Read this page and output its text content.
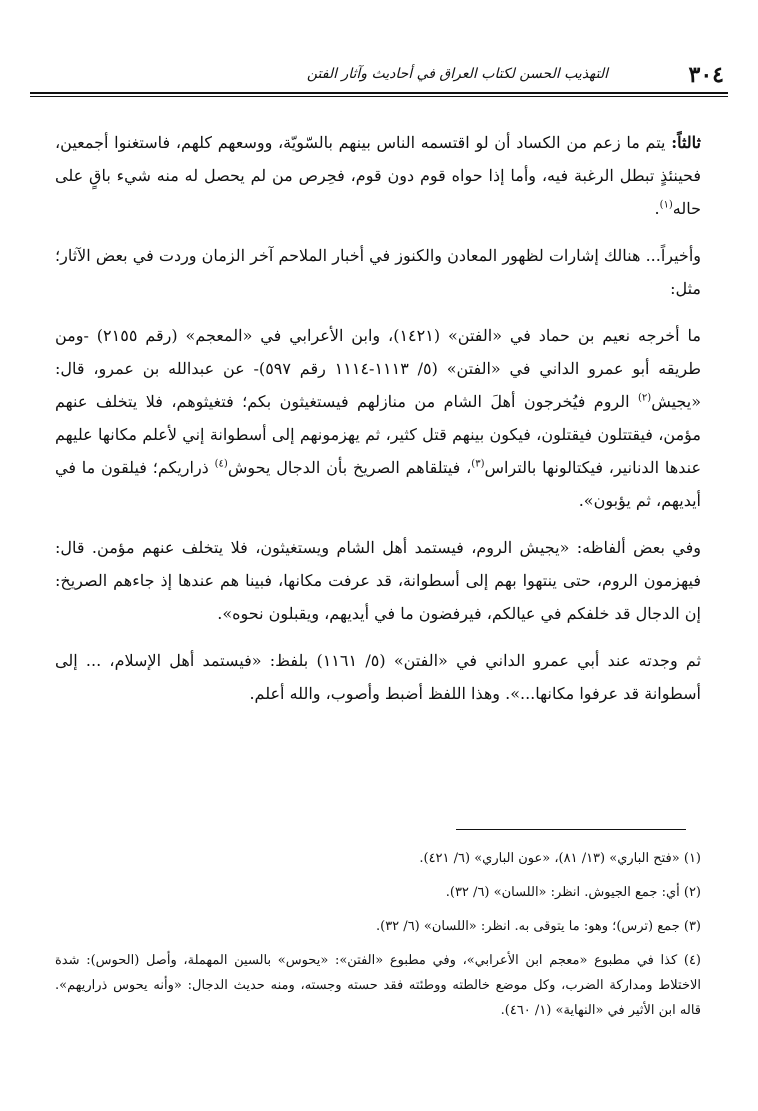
٣٠٤
التهذيب الحسن لكتاب العراق في أحاديث وآثار الفتن

ثالثاً: يتم ما زعم من الكساد أن لو اقتسمه الناس بينهم بالسّويّة، ووسعهم كلهم، فاستغنوا أجمعين، فحينئذٍ تبطل الرغبة فيه، وأما إذا حواه قوم دون قوم، فحِرص من لم يحصل له منه شيء باقٍ على حاله$^{(١)}$.

وأخيراً... هنالك إشارات لظهور المعادن والكنوز في أخبار الملاحم آخر الزمان وردت في بعض الآثار؛ مثل:

ما أخرجه نعيم بن حماد في «الفتن» (١٤٢١)، وابن الأعرابي في «المعجم» (رقم ٢١٥٥) -ومن طريقه أبو عمرو الداني في «الفتن» (٥/ ١١١٣-١١١٤ رقم ٥٩٧)- عن عبدالله بن عمرو، قال: «يجيش$^{(٢)}$ الروم فيُخرجون أهلَ الشام من منازلهم فيستغيثون بكم؛ فتغيثوهم، فلا يتخلف عنهم مؤمن، فيقتتلون فيقتلون، فيكون بينهم قتل كثير، ثم يهزمونهم إلى أسطوانة إني لأعلم مكانها عليهم عندها الدنانير، فيكتالونها بالتراس$^{(٣)}$، فيتلقاهم الصريخ بأن الدجال يحوش$^{(٤)}$ ذراريكم؛ فيلقون ما في أيديهم، ثم يؤبون».

وفي بعض ألفاظه: «يجيش الروم، فيستمد أهل الشام ويستغيثون، فلا يتخلف عنهم مؤمن. قال: فيهزمون الروم، حتى ينتهوا بهم إلى أسطوانة، قد عرفت مكانها، فبينا هم عندها إذ جاءهم الصريخ: إن الدجال قد خلفكم في عيالكم، فيرفضون ما في أيديهم، ويقبلون نحوه».

ثم وجدته عند أبي عمرو الداني في «الفتن» (٥/ ١١٦١) بلفظ: «فيستمد أهل الإسلام، ... إلى أسطوانة قد عرفوا مكانها...». وهذا اللفظ أضبط وأصوب، والله أعلم.

(١) «فتح الباري» (١٣/ ٨١)، «عون الباري» (٦/ ٤٢١).

(٢) أي: جمع الجيوش. انظر: «اللسان» (٦/ ٣٢).

(٣) جمع (ترس)؛ وهو: ما يتوقى به. انظر: «اللسان» (٦/ ٣٢).

(٤) كذا في مطبوع «معجم ابن الأعرابي»، وفي مطبوع «الفتن»: «يحوس» بالسين المهملة، وأصل (الحوس): شدة الاختلاط ومداركة الضرب، وكل موضع خالطته ووطئته فقد حسته وجسته، ومنه حديث الدجال: «وأنه يحوس ذراريهم». قاله ابن الأثير في «النهاية» (١/ ٤٦٠).
